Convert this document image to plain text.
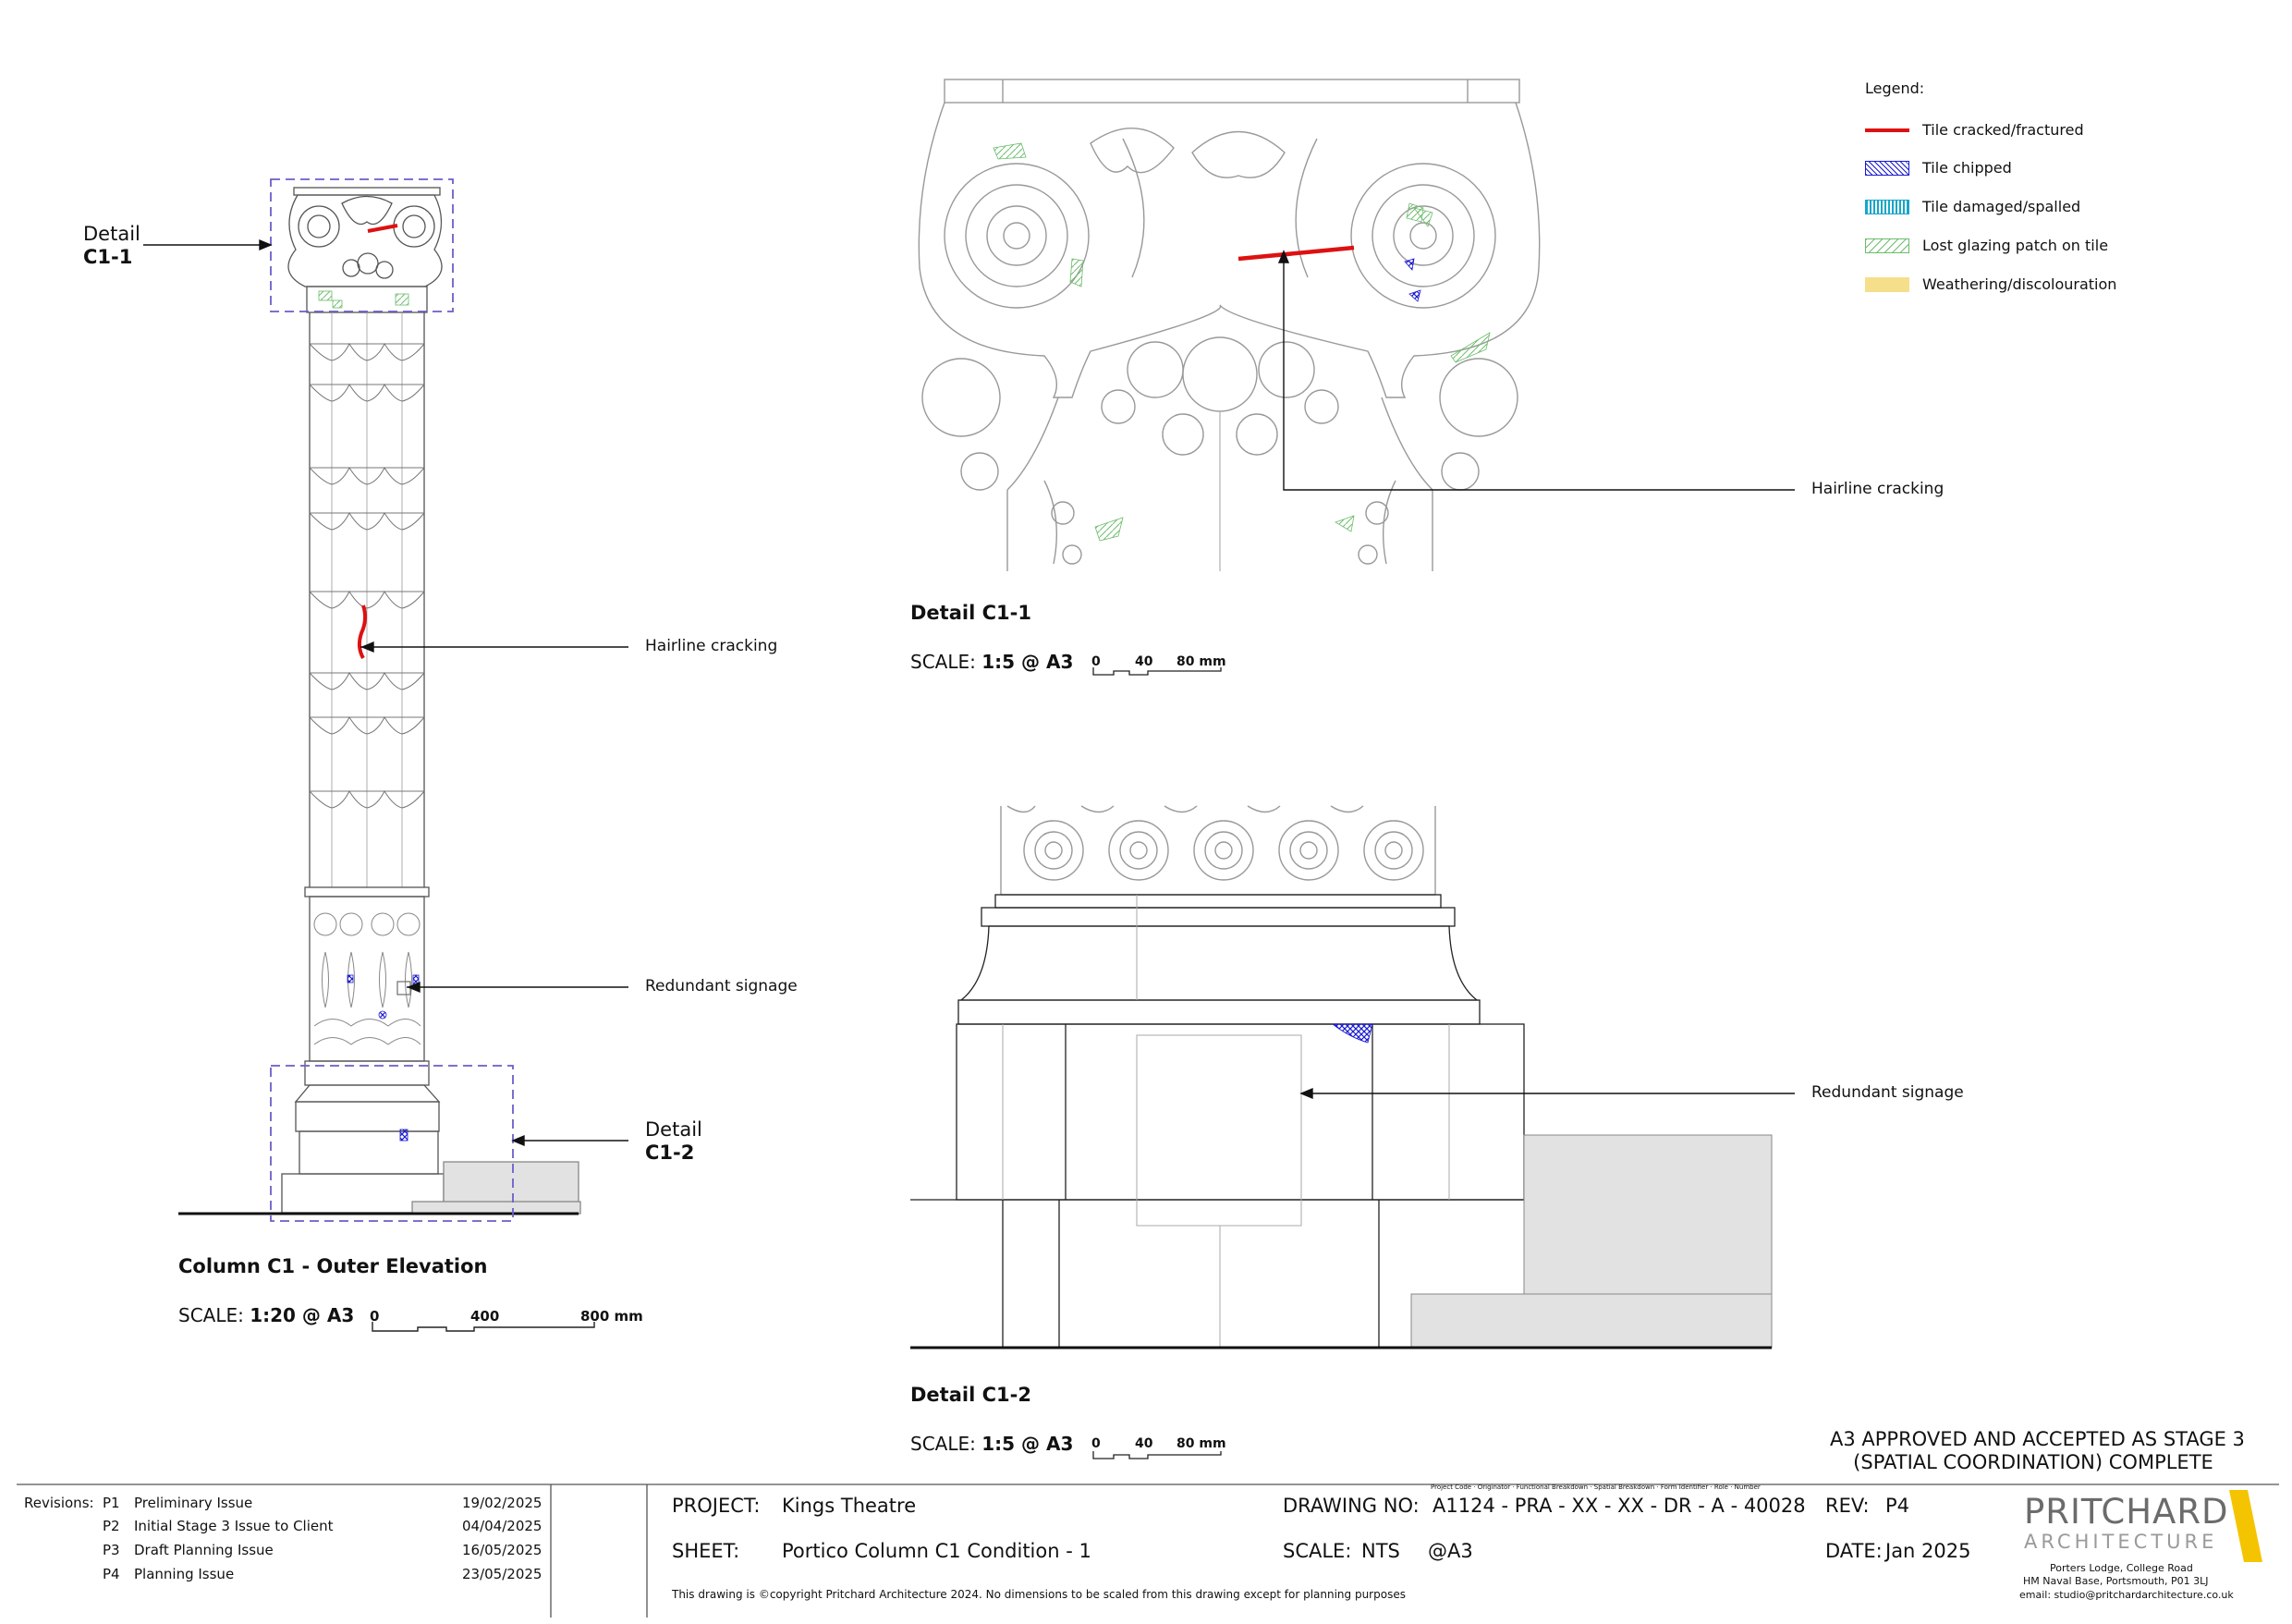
Detail
C1-1
Hairline cracking
Redundant signage
Detail
C1-2
Column C1 - Outer Elevation
SCALE: 1:20 @ A3 0	400	800 mm
Hairline cracking
Detail C1-1
SCALE: 1:5 @ A3 0	40 80 mm
Redundant signage
Detail C1-2
SCALE: 1:5 @ A3 0	40 80 mm
Legend:
Tile cracked/fractured
Tile chipped
Tile damaged/spalled
Lost glazing patch on tile
Weathering/discolouration
A3 APPROVED AND ACCEPTED AS STAGE 3
(SPATIAL COORDINATION) COMPLETE
Revisions: P1 Preliminary Issue	19/02/2025
P2 Initial Stage 3 Issue to Client	04/04/2025
P3 Draft Planning Issue	16/05/2025
P4 Planning Issue	23/05/2025
PROJECT: Kings Theatre
SHEET: Portico Column C1 Condition - 1
This drawing is ©copyright Pritchard Architecture 2024. No dimensions to be scaled from this drawing except for planning purposes
DRAWING NO:
Project Code · Originator · Functional Breakdown · Spatial Breakdown · Form Identifier · Role · Number
A1124 - PRA - XX - XX - DR - A - 40028
SCALE: NTS @A3
REV: P4
DATE: Jan 2025
PRITCHARD
ARCHITECTURE
Porters Lodge, College Road
HM Naval Base, Portsmouth, P01 3LJ
email: studio@pritchardarchitecture.co.uk
